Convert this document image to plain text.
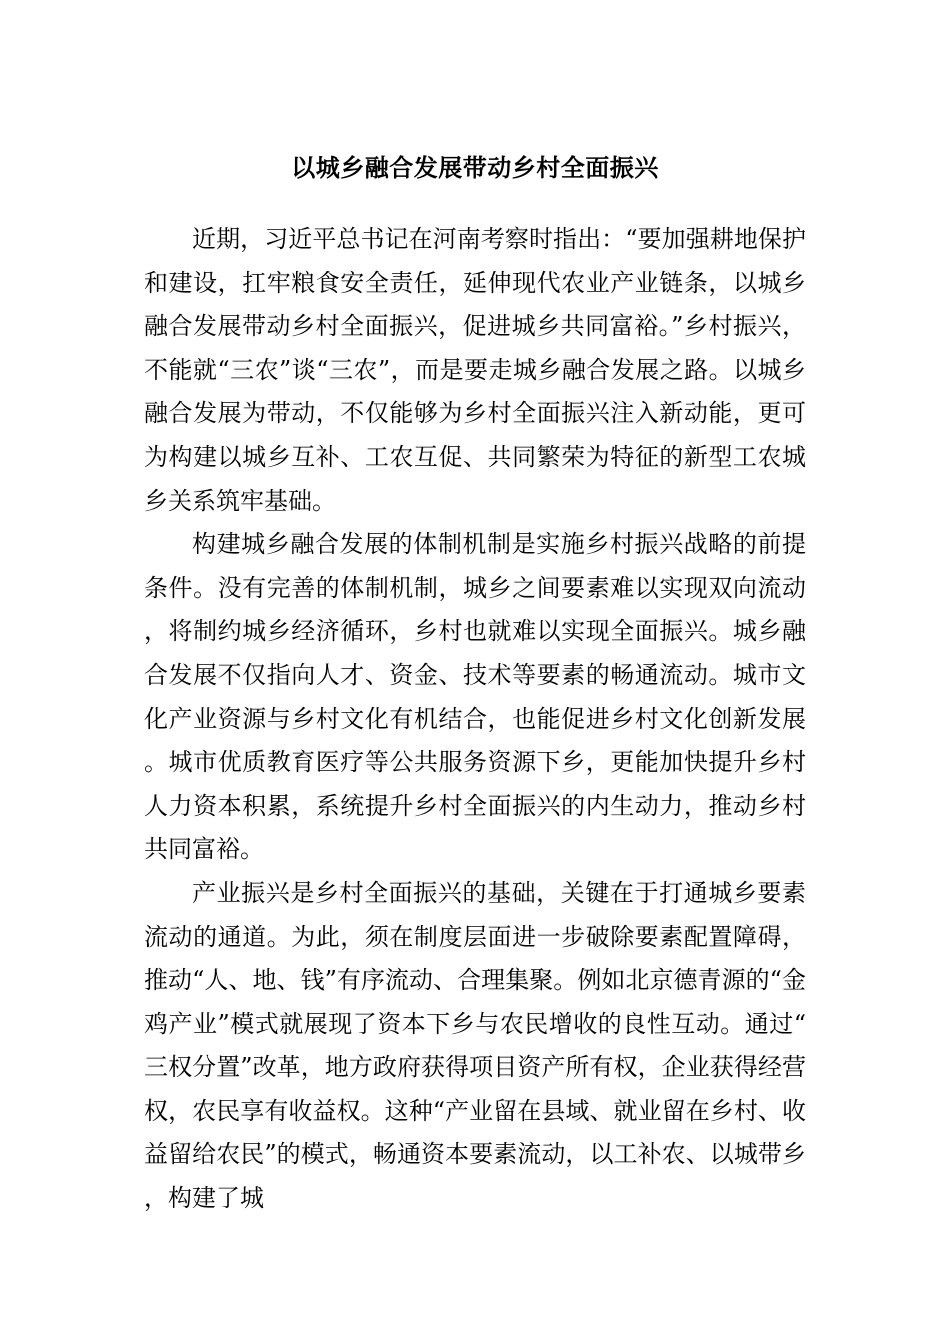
以城乡融合发展带动乡村全面振兴

近期，习近平总书记在河南考察时指出：“要加强耕地保护和建设，扛牢粮食安全责任，延伸现代农业产业链条，以城乡融合发展带动乡村全面振兴，促进城乡共同富裕。”乡村振兴，不能就“三农”谈“三农”，而是要走城乡融合发展之路。以城乡融合发展为带动，不仅能够为乡村全面振兴注入新动能，更可为构建以城乡互补、工农互促、共同繁荣为特征的新型工农城乡关系筑牢基础。

构建城乡融合发展的体制机制是实施乡村振兴战略的前提条件。没有完善的体制机制，城乡之间要素难以实现双向流动，将制约城乡经济循环，乡村也就难以实现全面振兴。城乡融合发展不仅指向人才、资金、技术等要素的畅通流动。城市文化产业资源与乡村文化有机结合，也能促进乡村文化创新发展。城市优质教育医疗等公共服务资源下乡，更能加快提升乡村人力资本积累，系统提升乡村全面振兴的内生动力，推动乡村共同富裕。

产业振兴是乡村全面振兴的基础，关键在于打通城乡要素流动的通道。为此，须在制度层面进一步破除要素配置障碍，推动“人、地、钱”有序流动、合理集聚。例如北京德青源的“金鸡产业”模式就展现了资本下乡与农民增收的良性互动。通过“三权分置”改革，地方政府获得项目资产所有权，企业获得经营权，农民享有收益权。这种“产业留在县域、就业留在乡村、收益留给农民”的模式，畅通资本要素流动，以工补农、以城带乡，构建了城
